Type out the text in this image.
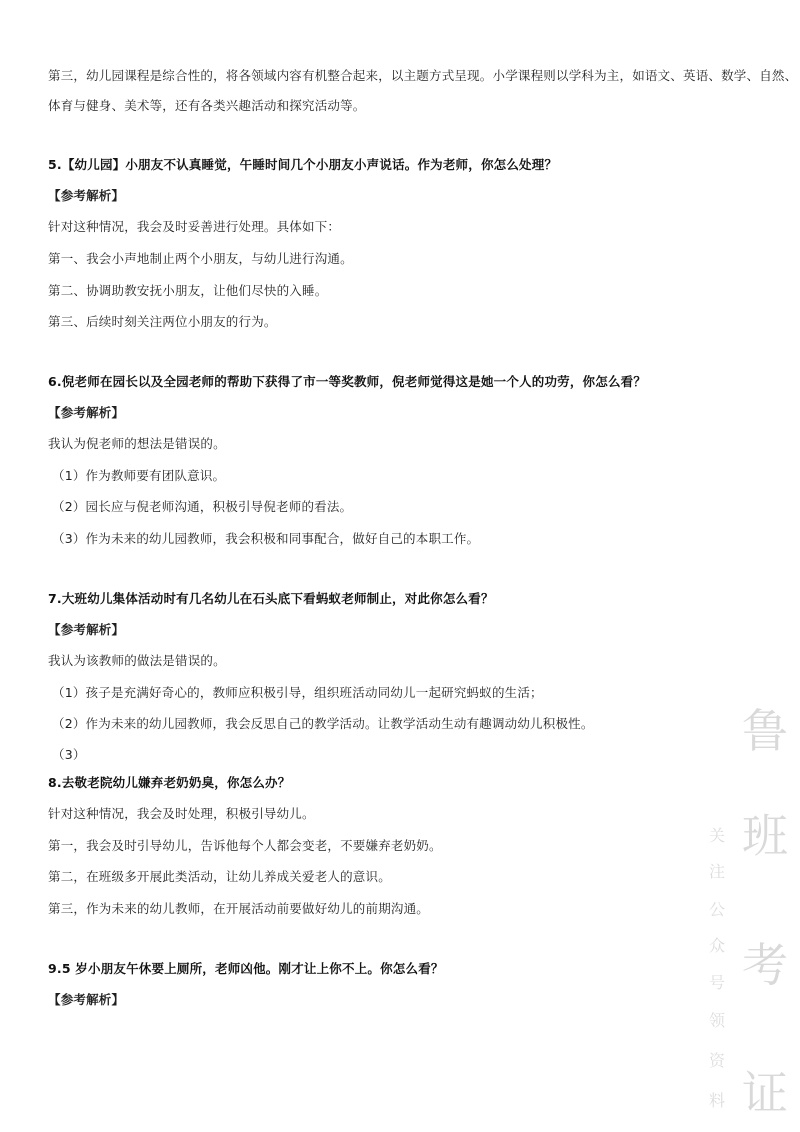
第三，幼儿园课程是综合性的，将各领域内容有机整合起来，以主题方式呈现。小学课程则以学科为主，如语文、英语、数学、自然、
体育与健身、美术等，还有各类兴趣活动和探究活动等。
5.【幼儿园】小朋友不认真睡觉，午睡时间几个小朋友小声说话。作为老师，你怎么处理？
【参考解析】
针对这种情况，我会及时妥善进行处理。具体如下：
第一、我会小声地制止两个小朋友，与幼儿进行沟通。
第二、协调助教安抚小朋友，让他们尽快的入睡。
第三、后续时刻关注两位小朋友的行为。
6.倪老师在园长以及全园老师的帮助下获得了市一等奖教师，倪老师觉得这是她一个人的功劳，你怎么看？
【参考解析】
我认为倪老师的想法是错误的。
（1）作为教师要有团队意识。
（2）园长应与倪老师沟通，积极引导倪老师的看法。
（3）作为未来的幼儿园教师，我会积极和同事配合，做好自己的本职工作。
7.大班幼儿集体活动时有几名幼儿在石头底下看蚂蚁老师制止，对此你怎么看？
【参考解析】
我认为该教师的做法是错误的。
（1）孩子是充满好奇心的，教师应积极引导，组织班活动同幼儿一起研究蚂蚁的生活；
（2）作为未来的幼儿园教师，我会反思自己的教学活动。让教学活动生动有趣调动幼儿积极性。
（3）
8.去敬老院幼儿嫌弃老奶奶臭，你怎么办？
针对这种情况，我会及时处理，积极引导幼儿。
第一，我会及时引导幼儿，告诉他每个人都会变老，不要嫌弃老奶奶。
第二，在班级多开展此类活动，让幼儿养成关爱老人的意识。
第三，作为未来的幼儿教师，在开展活动前要做好幼儿的前期沟通。
9.5 岁小朋友午休要上厕所，老师凶他。刚才让上你不上。你怎么看？
【参考解析】
鲁
班
考
证
关
注
公
众
号
领
资
料
